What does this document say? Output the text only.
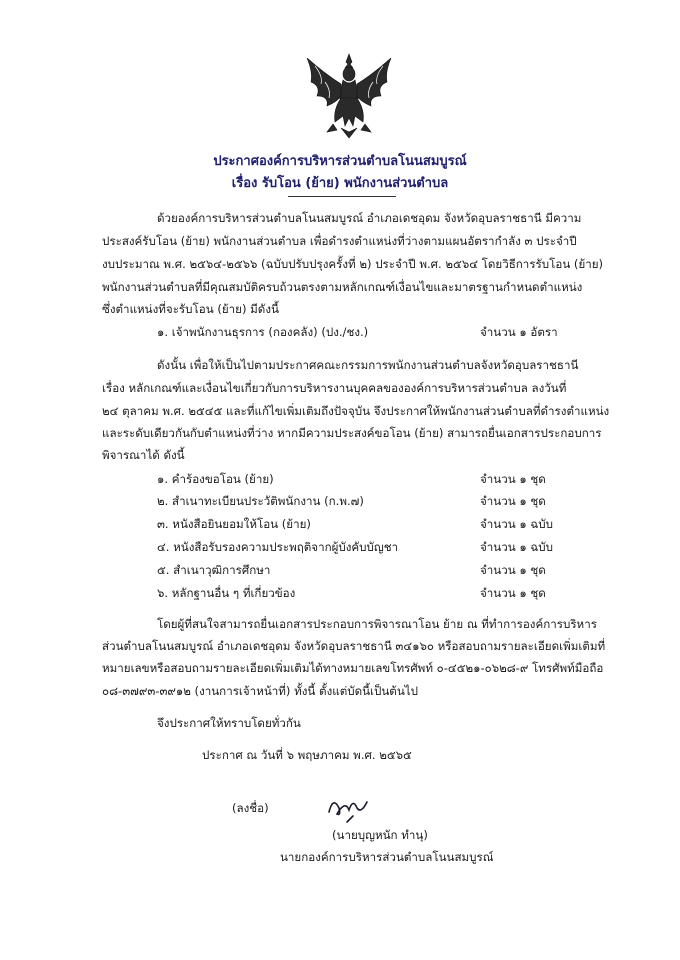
ประกาศองค์การบริหารส่วนตำบลโนนสมบูรณ์
เรื่อง รับโอน (ย้าย) พนักงานส่วนตำบล
ด้วยองค์การบริหารส่วนตำบลโนนสมบูรณ์ อำเภอเดชอุดม จังหวัดอุบลราชธานี มีความ
ประสงค์รับโอน (ย้าย) พนักงานส่วนตำบล เพื่อดำรงตำแหน่งที่ว่างตามแผนอัตรากำลัง ๓ ประจำปี
งบประมาณ พ.ศ. ๒๕๖๔-๒๕๖๖ (ฉบับปรับปรุงครั้งที่ ๒) ประจำปี พ.ศ. ๒๕๖๔ โดยวิธีการรับโอน (ย้าย)
พนักงานส่วนตำบลที่มีคุณสมบัติครบถ้วนตรงตามหลักเกณฑ์เงื่อนไขและมาตรฐานกำหนดตำแหน่ง
ซึ่งตำแหน่งที่จะรับโอน (ย้าย) มีดังนี้
๑. เจ้าพนักงานธุรการ (กองคลัง) (ปง./ชง.)	จำนวน ๑ อัตรา
ดังนั้น เพื่อให้เป็นไปตามประกาศคณะกรรมการพนักงานส่วนตำบลจังหวัดอุบลราชธานี
เรื่อง หลักเกณฑ์และเงื่อนไขเกี่ยวกับการบริหารงานบุคคลขององค์การบริหารส่วนตำบล ลงวันที่
๒๔ ตุลาคม พ.ศ. ๒๕๔๕ และที่แก้ไขเพิ่มเติมถึงปัจจุบัน จึงประกาศให้พนักงานส่วนตำบลที่ดำรงตำแหน่ง
และระดับเดียวกันกับตำแหน่งที่ว่าง หากมีความประสงค์ขอโอน (ย้าย) สามารถยื่นเอกสารประกอบการ
พิจารณาได้ ดังนี้
๑. คำร้องขอโอน (ย้าย)	จำนวน ๑ ชุด
๒. สำเนาทะเบียนประวัติพนักงาน (ก.พ.๗)	จำนวน ๑ ชุด
๓. หนังสือยินยอมให้โอน (ย้าย)	จำนวน ๑ ฉบับ
๔. หนังสือรับรองความประพฤติจากผู้บังคับบัญชา	จำนวน ๑ ฉบับ
๕. สำเนาวุฒิการศึกษา	จำนวน ๑ ชุด
๖. หลักฐานอื่น ๆ ที่เกี่ยวข้อง	จำนวน ๑ ชุด
โดยผู้ที่สนใจสามารถยื่นเอกสารประกอบการพิจารณาโอน ย้าย ณ ที่ทำการองค์การบริหาร
ส่วนตำบลโนนสมบูรณ์ อำเภอเดชอุดม จังหวัดอุบลราชธานี ๓๔๑๖๐ หรือสอบถามรายละเอียดเพิ่มเติมที่
หมายเลขหรือสอบถามรายละเอียดเพิ่มเติมได้ทางหมายเลขโทรศัพท์ ๐-๔๕๒๑-๐๖๒๘-๙ โทรศัพท์มือถือ
๐๘-๓๗๙๓-๓๙๑๒ (งานการเจ้าหน้าที่) ทั้งนี้ ตั้งแต่บัดนี้เป็นต้นไป
จึงประกาศให้ทราบโดยทั่วกัน
ประกาศ ณ วันที่ ๖ พฤษภาคม พ.ศ. ๒๕๖๕
(ลงชื่อ)
(นายบุญหนัก ทำนุ)
นายกองค์การบริหารส่วนตำบลโนนสมบูรณ์
